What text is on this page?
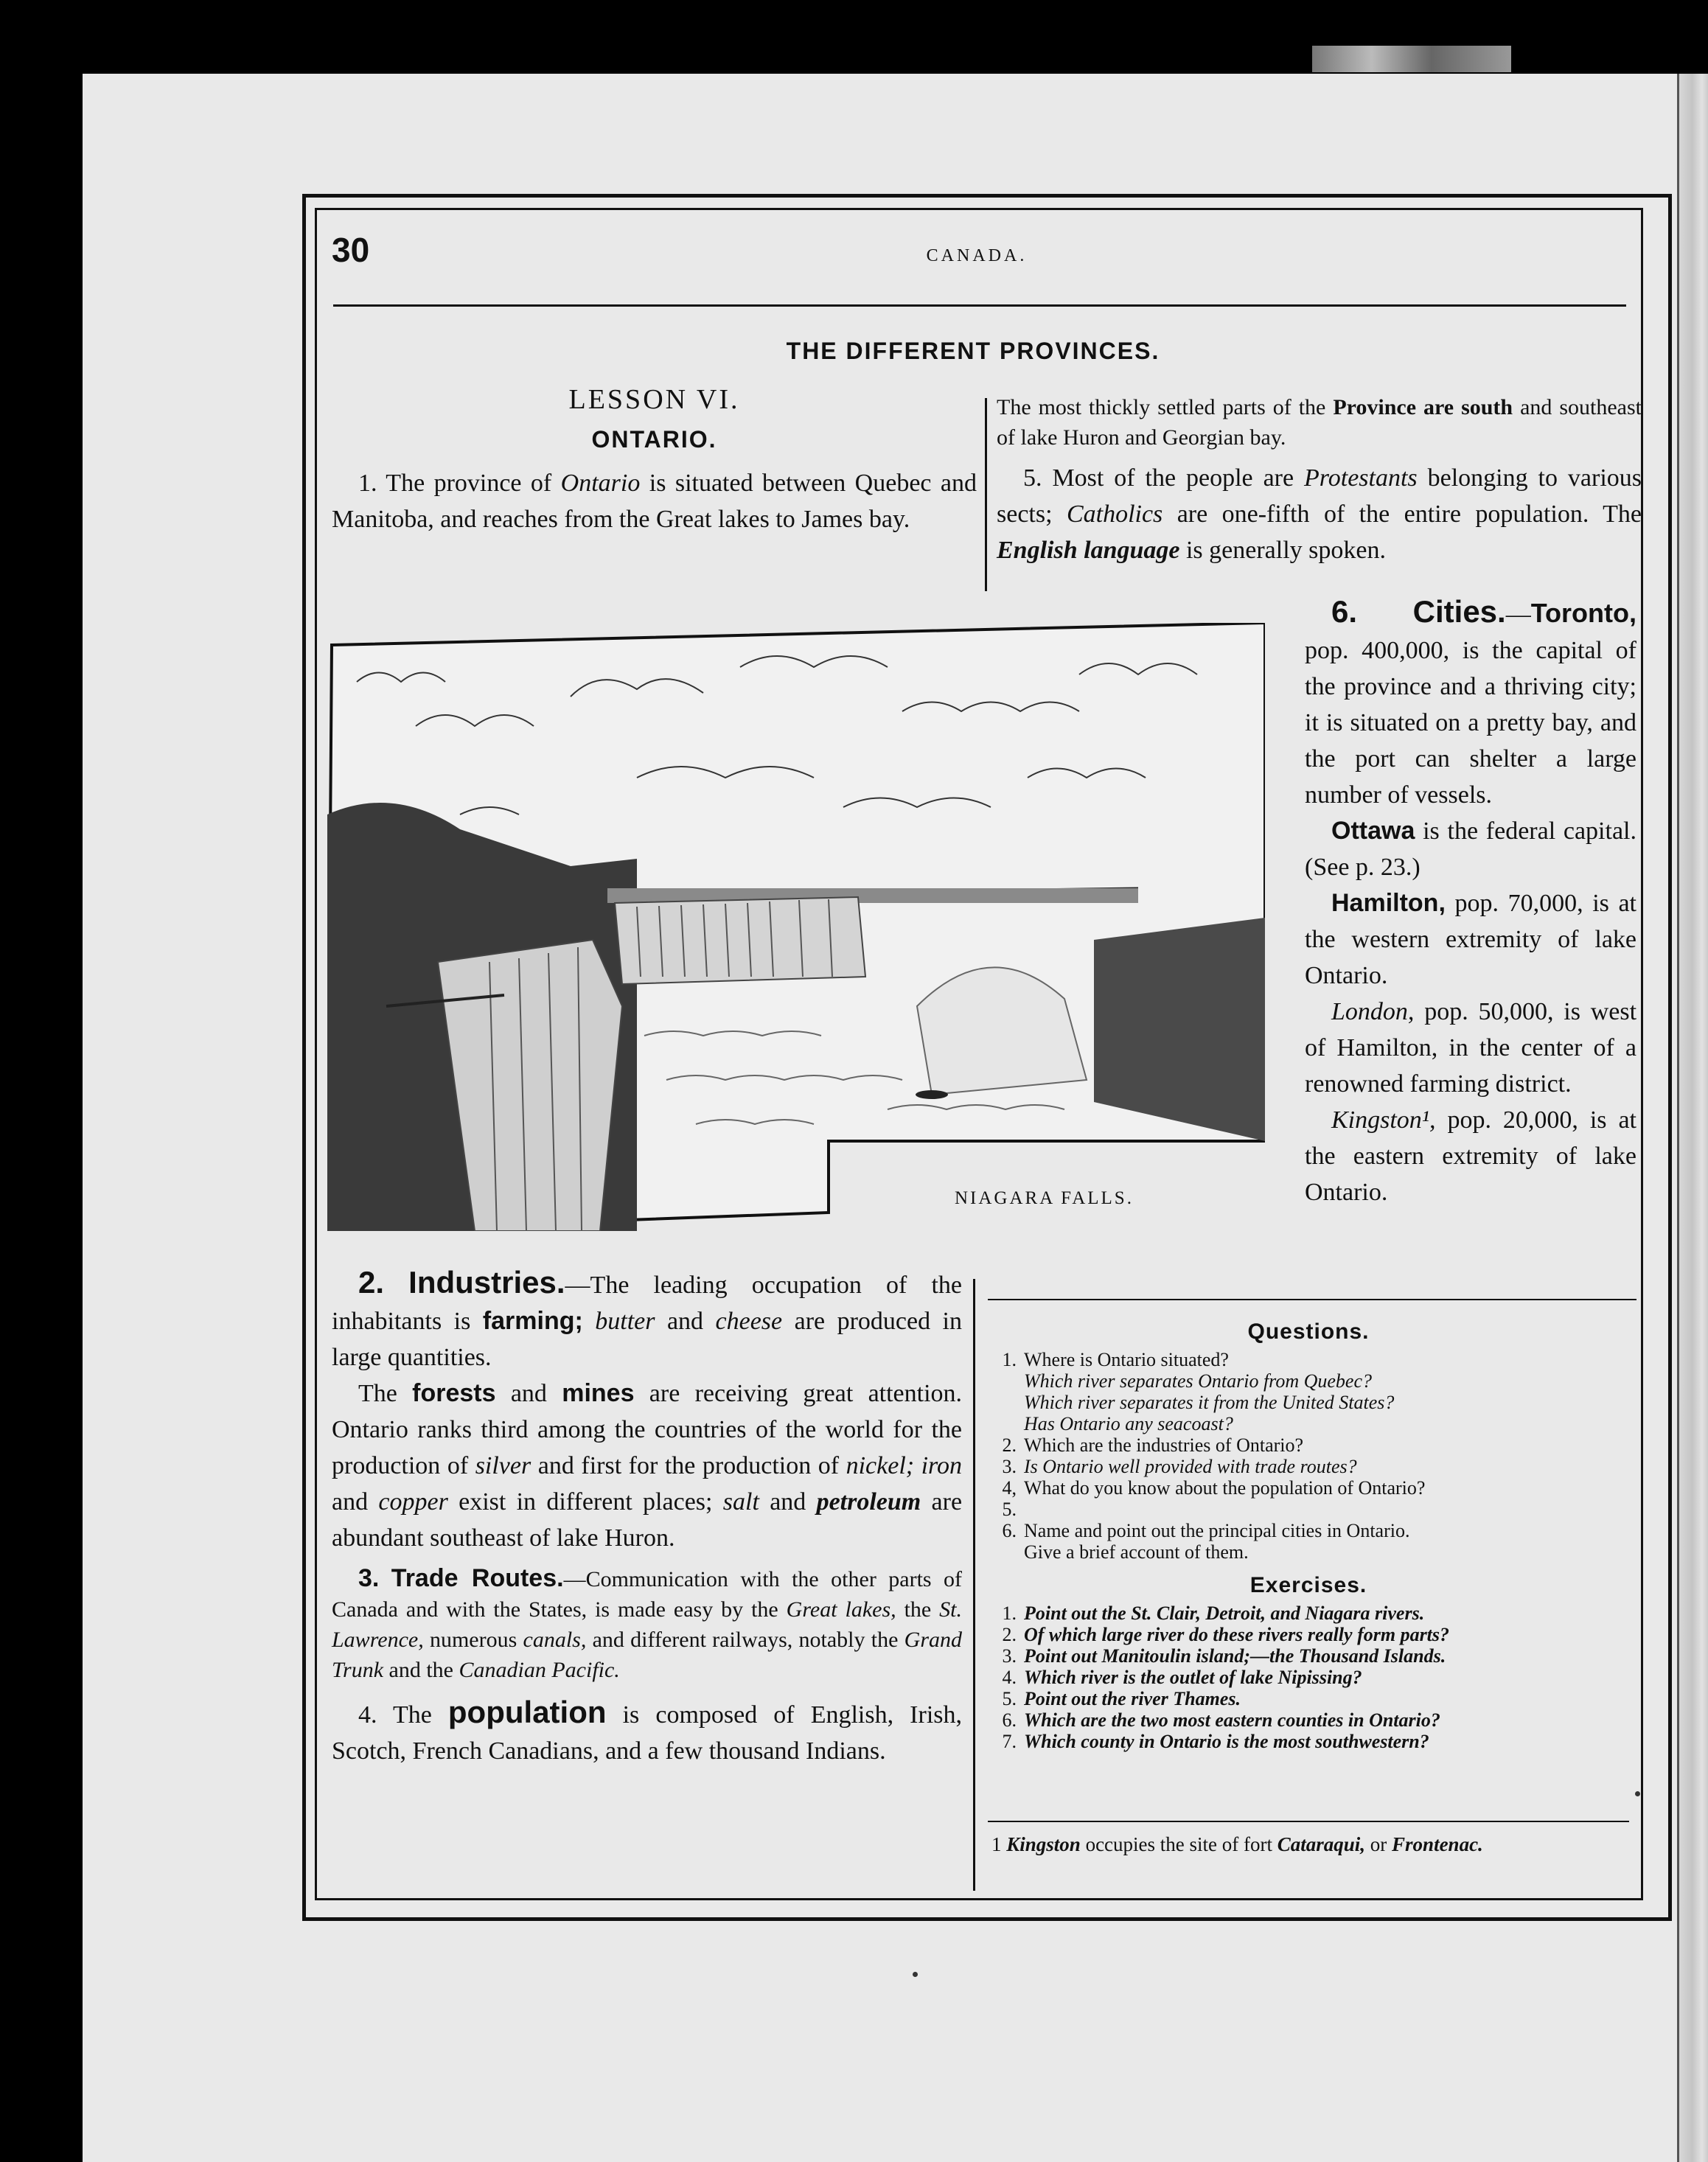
30	CANADA.
THE DIFFERENT PROVINCES.
LESSON VI.
ONTARIO.

1. The province of Ontario is situated between Quebec and Manitoba, and reaches from the Great lakes to James bay.

The most thickly settled parts of the Province are south and southeast of lake Huron and Georgian bay.

5. Most of the people are Protestants belonging to various sects; Catholics are one-fifth of the entire population. The English language is generally spoken.

6. Cities.—Toronto, pop. 400,000, is the capital of the province and a thriving city; it is situated on a pretty bay, and the port can shelter a large number of vessels.

Ottawa is the federal capital. (See p. 23.)

Hamilton, pop. 70,000, is at the western extremity of lake Ontario.

London, pop. 50,000, is west of Hamilton, in the center of a renowned farming district.

Kingston¹, pop. 20,000, is at the eastern extremity of lake Ontario.

NIAGARA FALLS.

2. Industries.—The leading occupation of the inhabitants is farming; butter and cheese are produced in large quantities.

The forests and mines are receiving great attention. Ontario ranks third among the countries of the world for the production of silver and first for the production of nickel; iron and copper exist in different places; salt and petroleum are abundant southeast of lake Huron.

3. Trade Routes.—Communication with the other parts of Canada and with the States, is made easy by the Great lakes, the St. Lawrence, numerous canals, and different railways, notably the Grand Trunk and the Canadian Pacific.

4. The population is composed of English, Irish, Scotch, French Canadians, and a few thousand Indians.

Questions.
1. Where is Ontario situated?
Which river separates Ontario from Quebec?
Which river separates it from the United States?
Has Ontario any seacoast?
2. Which are the industries of Ontario?
3. Is Ontario well provided with trade routes?
4, 5.
What do you know about the population of Ontario?
6. Name and point out the principal cities in Ontario.
Give a brief account of them.
Exercises.
1. Point out the St. Clair, Detroit, and Niagara rivers.
2. Of which large river do these rivers really form parts?
3. Point out Manitoulin island;—the Thousand Islands.
4. Which river is the outlet of lake Nipissing?
5. Point out the river Thames.
6. Which are the two most eastern counties in Ontario?
7. Which county in Ontario is the most southwestern?
1 Kingston occupies the site of fort Cataraqui, or Frontenac.
